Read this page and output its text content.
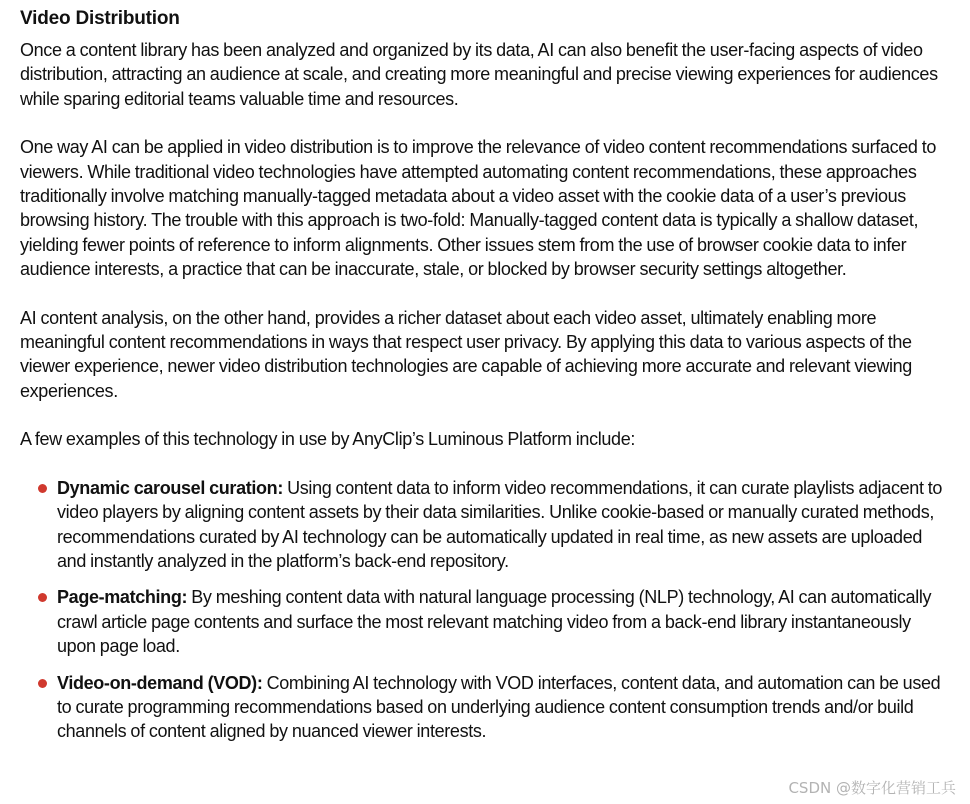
Video Distribution

Once a content library has been analyzed and organized by its data, AI can also benefit the user-facing aspects of video distribution, attracting an audience at scale, and creating more meaningful and precise viewing experiences for audiences while sparing editorial teams valuable time and resources.

One way AI can be applied in video distribution is to improve the relevance of video content recommendations surfaced to viewers. While traditional video technologies have attempted automating content recommendations, these approaches traditionally involve matching manually-tagged metadata about a video asset with the cookie data of a user’s previous browsing history. The trouble with this approach is two-fold: Manually-tagged content data is typically a shallow dataset, yielding fewer points of reference to inform alignments. Other issues stem from the use of browser cookie data to infer audience interests, a practice that can be inaccurate, stale, or blocked by browser security settings altogether.

AI content analysis, on the other hand, provides a richer dataset about each video asset, ultimately enabling more meaningful content recommendations in ways that respect user privacy. By applying this data to various aspects of the viewer experience, newer video distribution technologies are capable of achieving more accurate and relevant viewing experiences.

A few examples of this technology in use by AnyClip’s Luminous Platform include:

Dynamic carousel curation: Using content data to inform video recommendations, it can curate playlists adjacent to video players by aligning content assets by their data similarities. Unlike cookie-based or manually curated methods, recommendations curated by AI technology can be automatically updated in real time, as new assets are uploaded and instantly analyzed in the platform’s back-end repository.
Page-matching: By meshing content data with natural language processing (NLP) technology, AI can automatically crawl article page contents and surface the most relevant matching video from a back-end library instantaneously upon page load.
Video-on-demand (VOD): Combining AI technology with VOD interfaces, content data, and automation can be used to curate programming recommendations based on underlying audience content consumption trends and/or build channels of content aligned by nuanced viewer interests.
CSDN @数字化营销工兵
